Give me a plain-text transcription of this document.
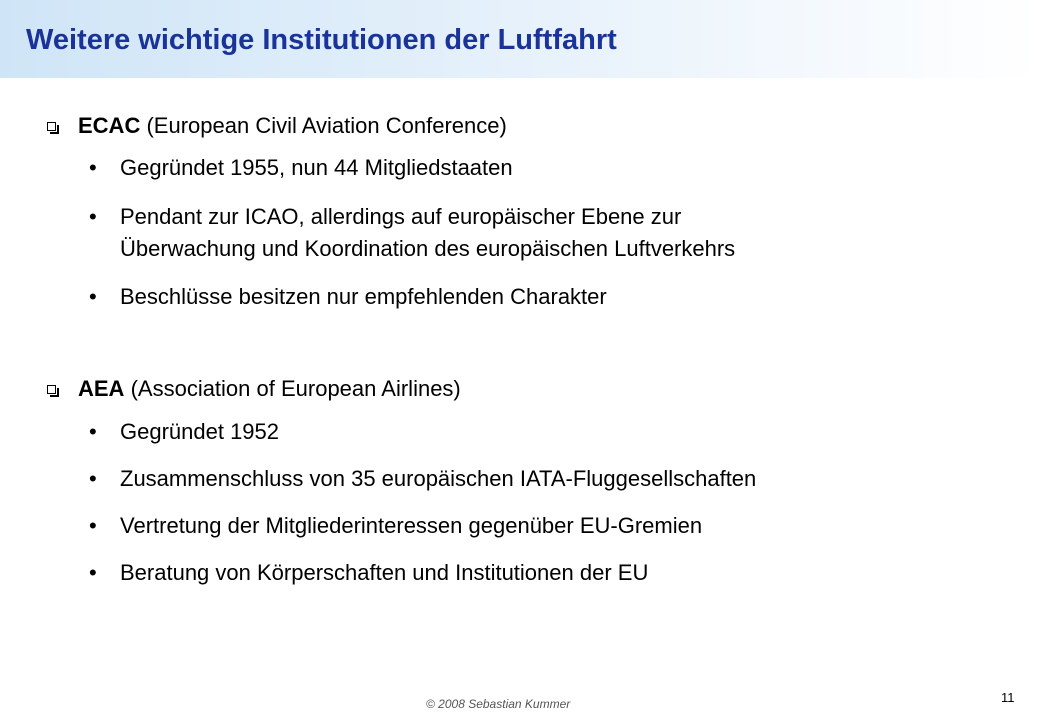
Weitere wichtige Institutionen der Luftfahrt
ECAC (European Civil Aviation Conference)
• Gegründet 1955, nun 44 Mitgliedstaaten
• Pendant zur ICAO, allerdings auf europäischer Ebene zur
Überwachung und Koordination des europäischen Luftverkehrs
• Beschlüsse besitzen nur empfehlenden Charakter
AEA (Association of European Airlines)
• Gegründet 1952
• Zusammenschluss von 35 europäischen IATA-Fluggesellschaften
• Vertretung der Mitgliederinteressen gegenüber EU-Gremien
• Beratung von Körperschaften und Institutionen der EU
© 2008 Sebastian Kummer	11
